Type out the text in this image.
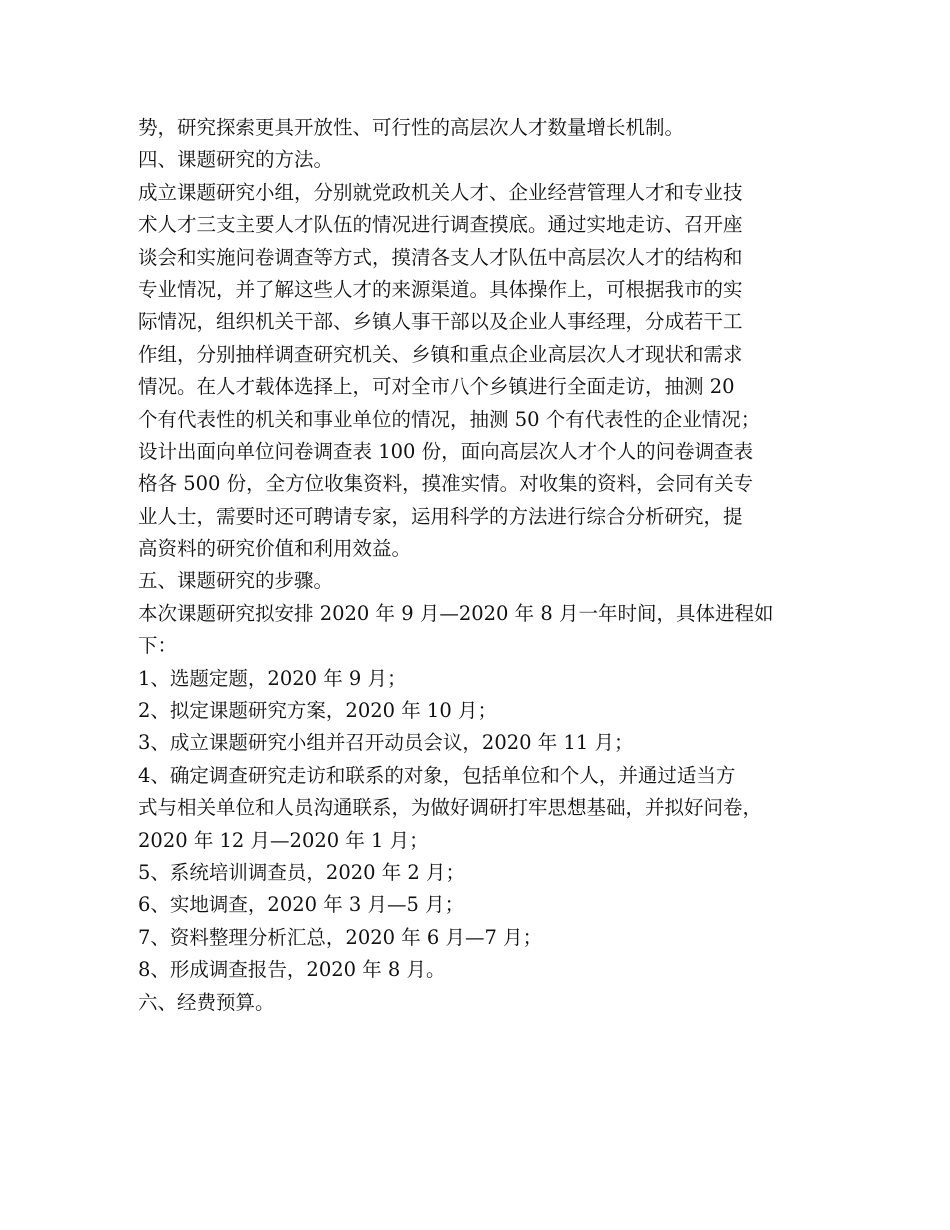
势，研究探索更具开放性、可行性的高层次人才数量增长机制。
四、课题研究的方法。
成立课题研究小组，分别就党政机关人才、企业经营管理人才和专业技
术人才三支主要人才队伍的情况进行调查摸底。通过实地走访、召开座
谈会和实施问卷调查等方式，摸清各支人才队伍中高层次人才的结构和
专业情况，并了解这些人才的来源渠道。具体操作上，可根据我市的实
际情况，组织机关干部、乡镇人事干部以及企业人事经理，分成若干工
作组，分别抽样调查研究机关、乡镇和重点企业高层次人才现状和需求
情况。在人才载体选择上，可对全市八个乡镇进行全面走访，抽测 20
个有代表性的机关和事业单位的情况，抽测 50 个有代表性的企业情况；
设计出面向单位问卷调查表 100 份，面向高层次人才个人的问卷调查表
格各 500 份，全方位收集资料，摸准实情。对收集的资料，会同有关专
业人士，需要时还可聘请专家，运用科学的方法进行综合分析研究，提
高资料的研究价值和利用效益。
五、课题研究的步骤。
本次课题研究拟安排 2020 年 9 月—2020 年 8 月一年时间，具体进程如
下：
1、选题定题，2020 年 9 月；
2、拟定课题研究方案，2020 年 10 月；
3、成立课题研究小组并召开动员会议，2020 年 11 月；
4、确定调查研究走访和联系的对象，包括单位和个人，并通过适当方
式与相关单位和人员沟通联系，为做好调研打牢思想基础，并拟好问卷，
2020 年 12 月—2020 年 1 月；
5、系统培训调查员，2020 年 2 月；
6、实地调查，2020 年 3 月—5 月；
7、资料整理分析汇总，2020 年 6 月—7 月；
8、形成调查报告，2020 年 8 月。
六、经费预算。
